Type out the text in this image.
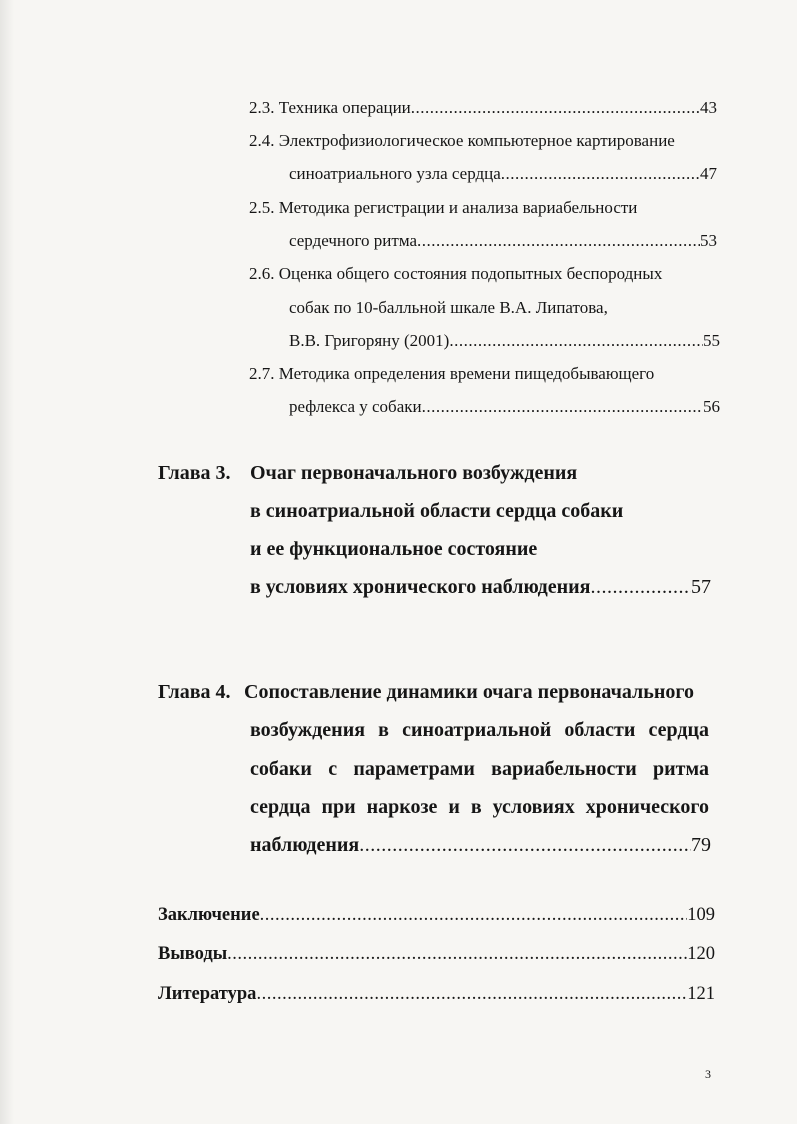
2.3. Техника операции .....	43
2.4. Электрофизиологическое компьютерное картирование
синоатриального узла сердца .....	47
2.5. Методика регистрации и анализа вариабельности
сердечного ритма .....	53
2.6. Оценка общего состояния подопытных беспородных
собак по 10-балльной шкале В.А. Липатова,
В.В. Григоряну (2001) .....	55
2.7. Методика определения времени пищедобывающего
рефлекса у собаки .....	56
Глава 3. Очаг первоначального возбуждения
в синоатриальной области сердца собаки
и ее функциональное состояние
в условиях хронического наблюдения .....	57
Глава 4. Сопоставление динамики очага первоначального
возбуждения в синоатриальной области сердца
собаки с параметрами вариабельности ритма
сердца при наркозе и в условиях хронического
наблюдения .....	79
Заключение .....	109
Выводы .....	120
Литература .....	121
3
